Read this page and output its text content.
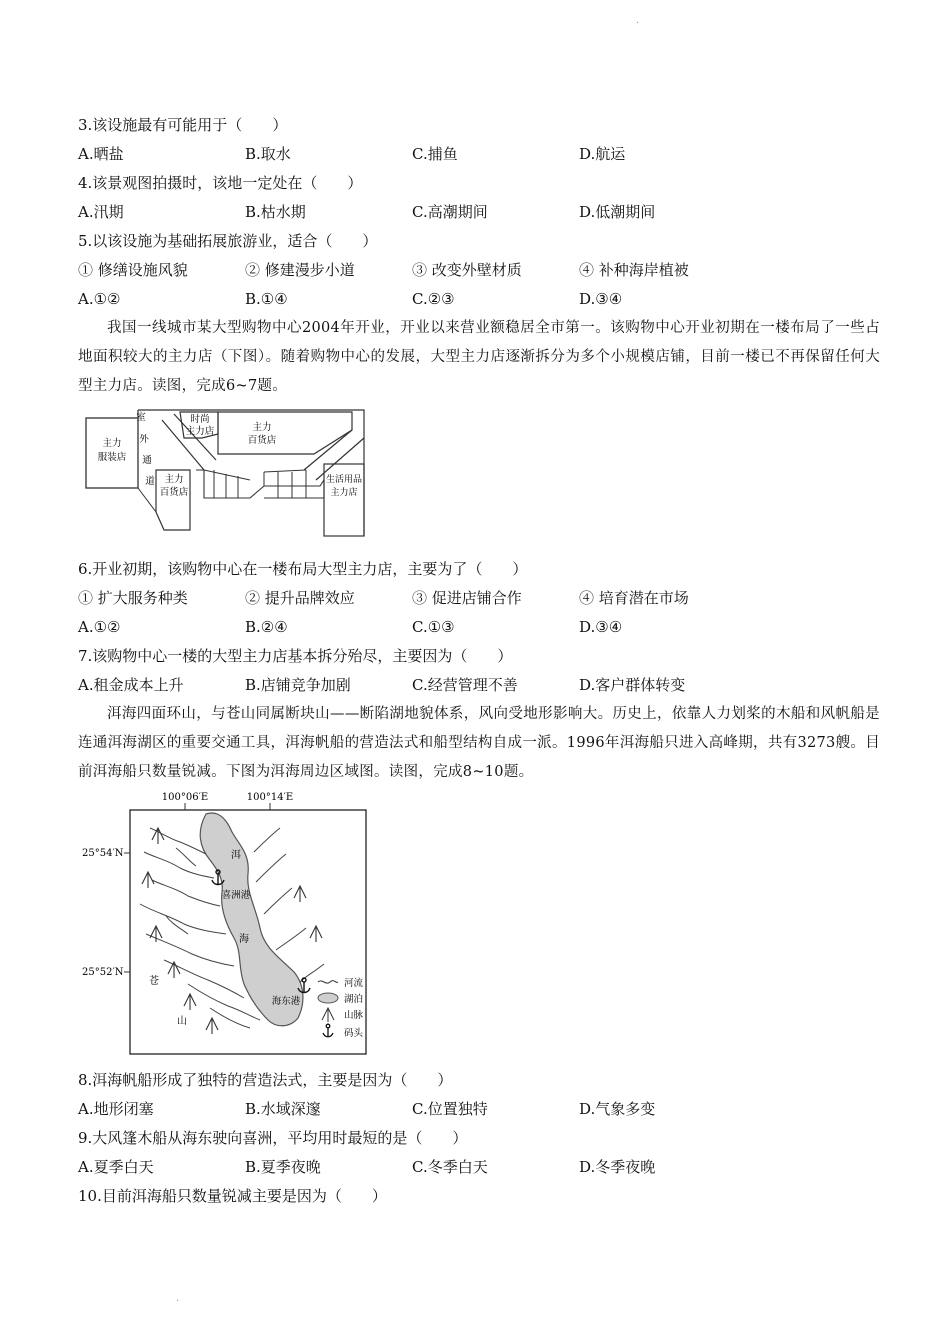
·
·
3.该设施最有可能用于（　　）
A.晒盐	B.取水	C.捕鱼	D.航运
4.该景观图拍摄时，该地一定处在（　　）
A.汛期	B.枯水期	C.高潮期间	D.低潮期间
5.以该设施为基础拓展旅游业，适合（　　）
① 修缮设施风貌	② 修建漫步小道	③ 改变外壁材质	④ 补种海岸植被
A.①②	B.①④	C.②③	D.③④
我国一线城市某大型购物中心2004年开业，开业以来营业额稳居全市第一。该购物中心开业初期在一楼布局了一些占地面积较大的主力店（下图）。随着购物中心的发展，大型主力店逐渐拆分为多个小规模店铺，目前一楼已不再保留任何大型主力店。读图，完成6~7题。
主力
服装店
室
外
通
道
时尚
主力店	主力
百货店
主力
百货店
生活用品
主力店
6.开业初期，该购物中心在一楼布局大型主力店，主要为了（　　）
① 扩大服务种类	② 提升品牌效应	③ 促进店铺合作	④ 培育潜在市场
A.①②	B.②④	C.①③	D.③④
7.该购物中心一楼的大型主力店基本拆分殆尽，主要因为（　　）
A.租金成本上升	B.店铺竞争加剧	C.经营管理不善	D.客户群体转变
洱海四面环山，与苍山同属断块山——断陷湖地貌体系，风向受地形影响大。历史上，依靠人力划桨的木船和风帆船是连通洱海湖区的重要交通工具，洱海帆船的营造法式和船型结构自成一派。1996年洱海船只进入高峰期，共有3273艘。目前洱海船只数量锐减。下图为洱海周边区域图。读图，完成8~10题。
100°06′E	100°14′E
25°54′N
25°52′N
洱
海
喜洲港
海东港
苍
山
河流
湖泊
山脉
码头
8.洱海帆船形成了独特的营造法式，主要是因为（　　）
A.地形闭塞	B.水域深邃	C.位置独特	D.气象多变
9.大风篷木船从海东驶向喜洲，平均用时最短的是（　　）
A.夏季白天	B.夏季夜晚	C.冬季白天	D.冬季夜晚
10.目前洱海船只数量锐减主要是因为（　　）
